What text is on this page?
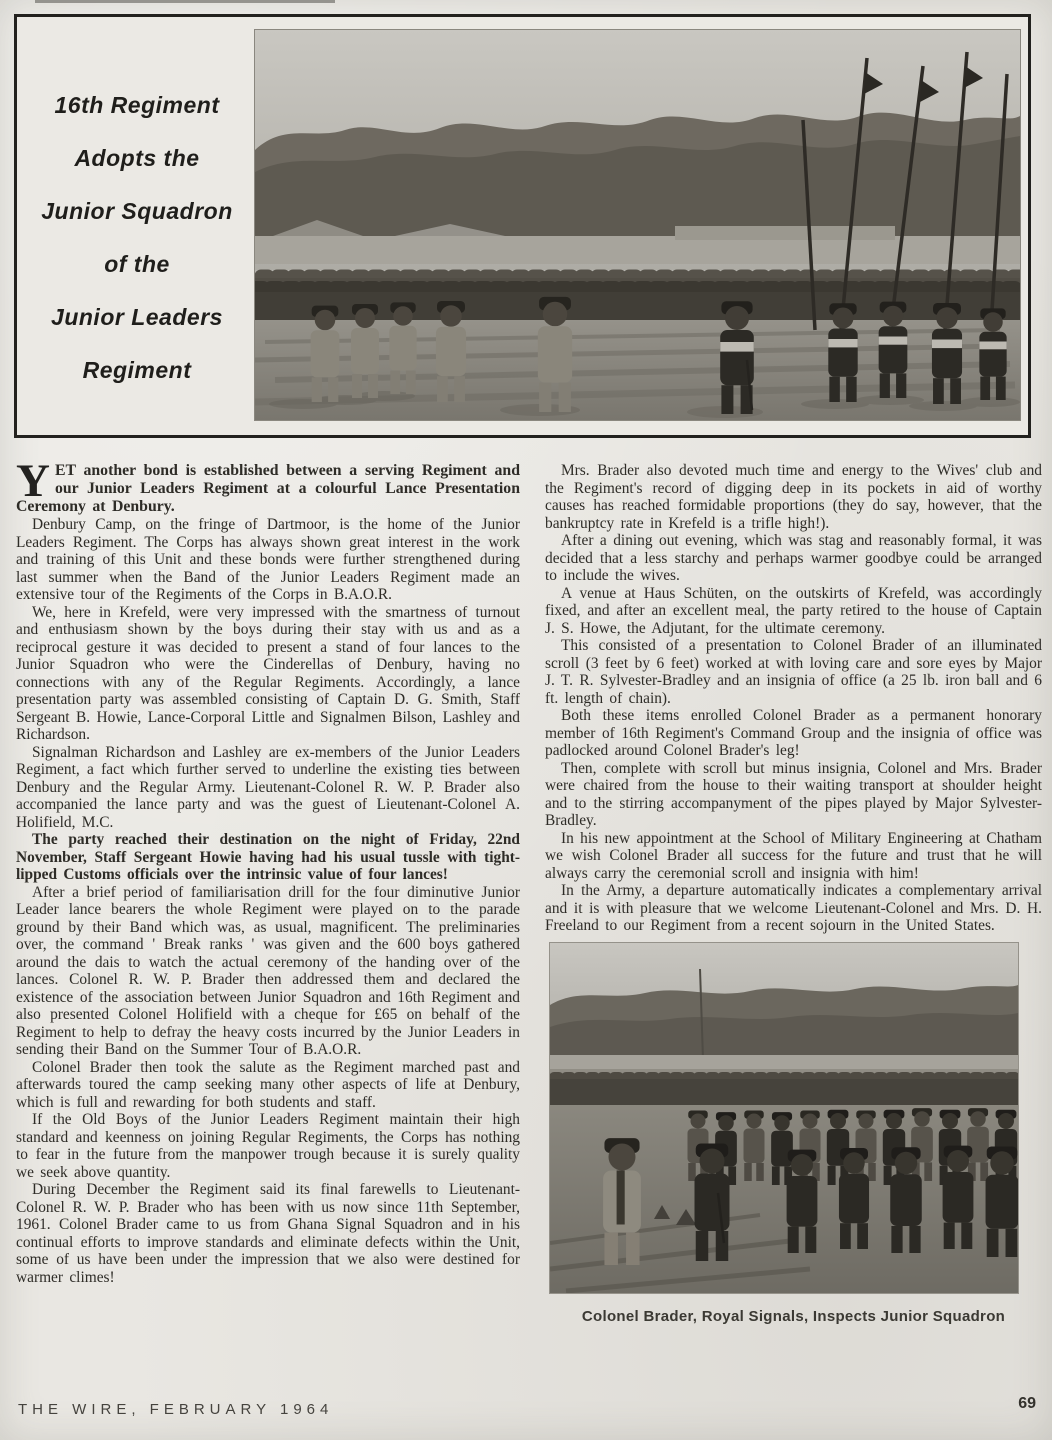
16th Regiment
Adopts the
Junior Squadron
of the
Junior Leaders
Regiment

YET another bond is established between a serving Regiment and our Junior Leaders Regiment at a colourful Lance Presentation Ceremony at Denbury.

Denbury Camp, on the fringe of Dartmoor, is the home of the Junior Leaders Regiment. The Corps has always shown great interest in the work and training of this Unit and these bonds were further strengthened during last summer when the Band of the Junior Leaders Regiment made an extensive tour of the Regiments of the Corps in B.A.O.R.

We, here in Krefeld, were very impressed with the smartness of turnout and enthusiasm shown by the boys during their stay with us and as a reciprocal gesture it was decided to present a stand of four lances to the Junior Squadron who were the Cinderellas of Denbury, having no connections with any of the Regular Regiments. Accordingly, a lance presentation party was assembled consisting of Captain D. G. Smith, Staff Sergeant B. Howie, Lance-Corporal Little and Signalmen Bilson, Lashley and Richardson.

Signalman Richardson and Lashley are ex-members of the Junior Leaders Regiment, a fact which further served to underline the existing ties between Denbury and the Regular Army. Lieutenant-Colonel R. W. P. Brader also accompanied the lance party and was the guest of Lieutenant-Colonel A. Holifield, M.C.

The party reached their destination on the night of Friday, 22nd November, Staff Sergeant Howie having had his usual tussle with tight-lipped Customs officials over the intrinsic value of four lances!

After a brief period of familiarisation drill for the four diminutive Junior Leader lance bearers the whole Regiment were played on to the parade ground by their Band which was, as usual, magnificent. The preliminaries over, the command ' Break ranks ' was given and the 600 boys gathered around the dais to watch the actual ceremony of the handing over of the lances. Colonel R. W. P. Brader then addressed them and declared the existence of the association between Junior Squadron and 16th Regiment and also presented Colonel Holifield with a cheque for £65 on behalf of the Regiment to help to defray the heavy costs incurred by the Junior Leaders in sending their Band on the Summer Tour of B.A.O.R.

Colonel Brader then took the salute as the Regiment marched past and afterwards toured the camp seeking many other aspects of life at Denbury, which is full and rewarding for both students and staff.

If the Old Boys of the Junior Leaders Regiment maintain their high standard and keenness on joining Regular Regiments, the Corps has nothing to fear in the future from the manpower trough because it is surely quality we seek above quantity.

During December the Regiment said its final farewells to Lieutenant-Colonel R. W. P. Brader who has been with us now since 11th September, 1961. Colonel Brader came to us from Ghana Signal Squadron and in his continual efforts to improve standards and eliminate defects within the Unit, some of us have been under the impression that we also were destined for warmer climes!

Mrs. Brader also devoted much time and energy to the Wives' club and the Regiment's record of digging deep in its pockets in aid of worthy causes has reached formidable proportions (they do say, however, that the bankruptcy rate in Krefeld is a trifle high!).

After a dining out evening, which was stag and reasonably formal, it was decided that a less starchy and perhaps warmer goodbye could be arranged to include the wives.

A venue at Haus Schüten, on the outskirts of Krefeld, was accordingly fixed, and after an excellent meal, the party retired to the house of Captain J. S. Howe, the Adjutant, for the ultimate ceremony.

This consisted of a presentation to Colonel Brader of an illuminated scroll (3 feet by 6 feet) worked at with loving care and sore eyes by Major J. T. R. Sylvester-Bradley and an insignia of office (a 25 lb. iron ball and 6 ft. length of chain).

Both these items enrolled Colonel Brader as a permanent honorary member of 16th Regiment's Command Group and the insignia of office was padlocked around Colonel Brader's leg!

Then, complete with scroll but minus insignia, Colonel and Mrs. Brader were chaired from the house to their waiting transport at shoulder height and to the stirring accompanyment of the pipes played by Major Sylvester-Bradley.

In his new appointment at the School of Military Engineering at Chatham we wish Colonel Brader all success for the future and trust that he will always carry the ceremonial scroll and insignia with him!

In the Army, a departure automatically indicates a complementary arrival and it is with pleasure that we welcome Lieutenant-Colonel and Mrs. D. H. Freeland to our Regiment from a recent sojourn in the United States.

Colonel Brader, Royal Signals, Inspects Junior Squadron
THE WIRE, FEBRUARY 1964	69
